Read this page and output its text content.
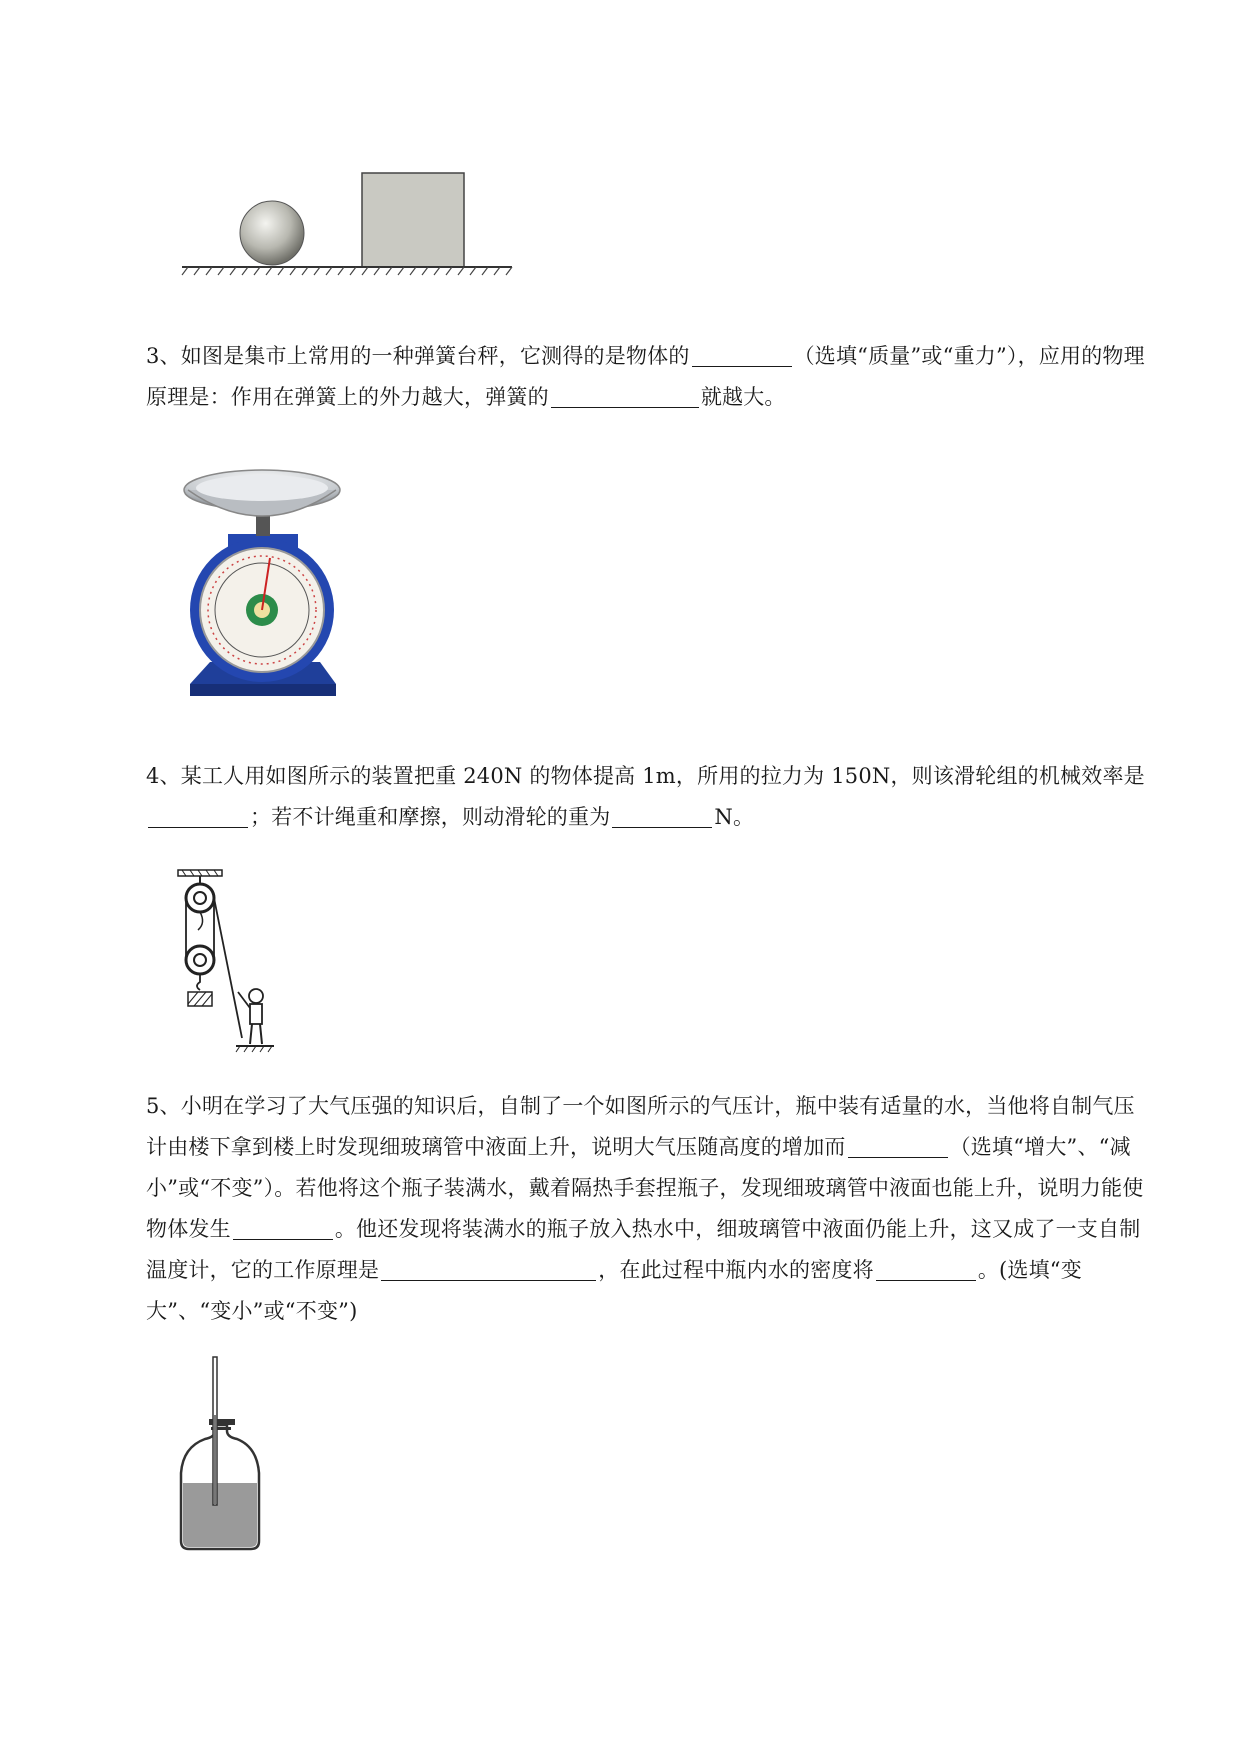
3、如图是集市上常用的一种弹簧台秤，它测得的是物体的	（选填“质量”或“重力”），应用的物理原理是：作用在弹簧上的外力越大，弹簧的	就越大。
4、某工人用如图所示的装置把重 240N 的物体提高 1m，所用的拉力为 150N，则该滑轮组的机械效率是；若不计绳重和摩擦，则动滑轮的重为	N。
5、小明在学习了大气压强的知识后，自制了一个如图所示的气压计，瓶中装有适量的水，当他将自制气压计由楼下拿到楼上时发现细玻璃管中液面上升，说明大气压随高度的增加而	（选填“增大”、“减小”或“不变”）。若他将这个瓶子装满水，戴着隔热手套捏瓶子，发现细玻璃管中液面也能上升，说明力能使物体发生	。他还发现将装满水的瓶子放入热水中，细玻璃管中液面仍能上升，这又成了一支自制温度计，它的工作原理是	，在此过程中瓶内水的密度将	。(选填“变大”、“变小”或“不变”)
